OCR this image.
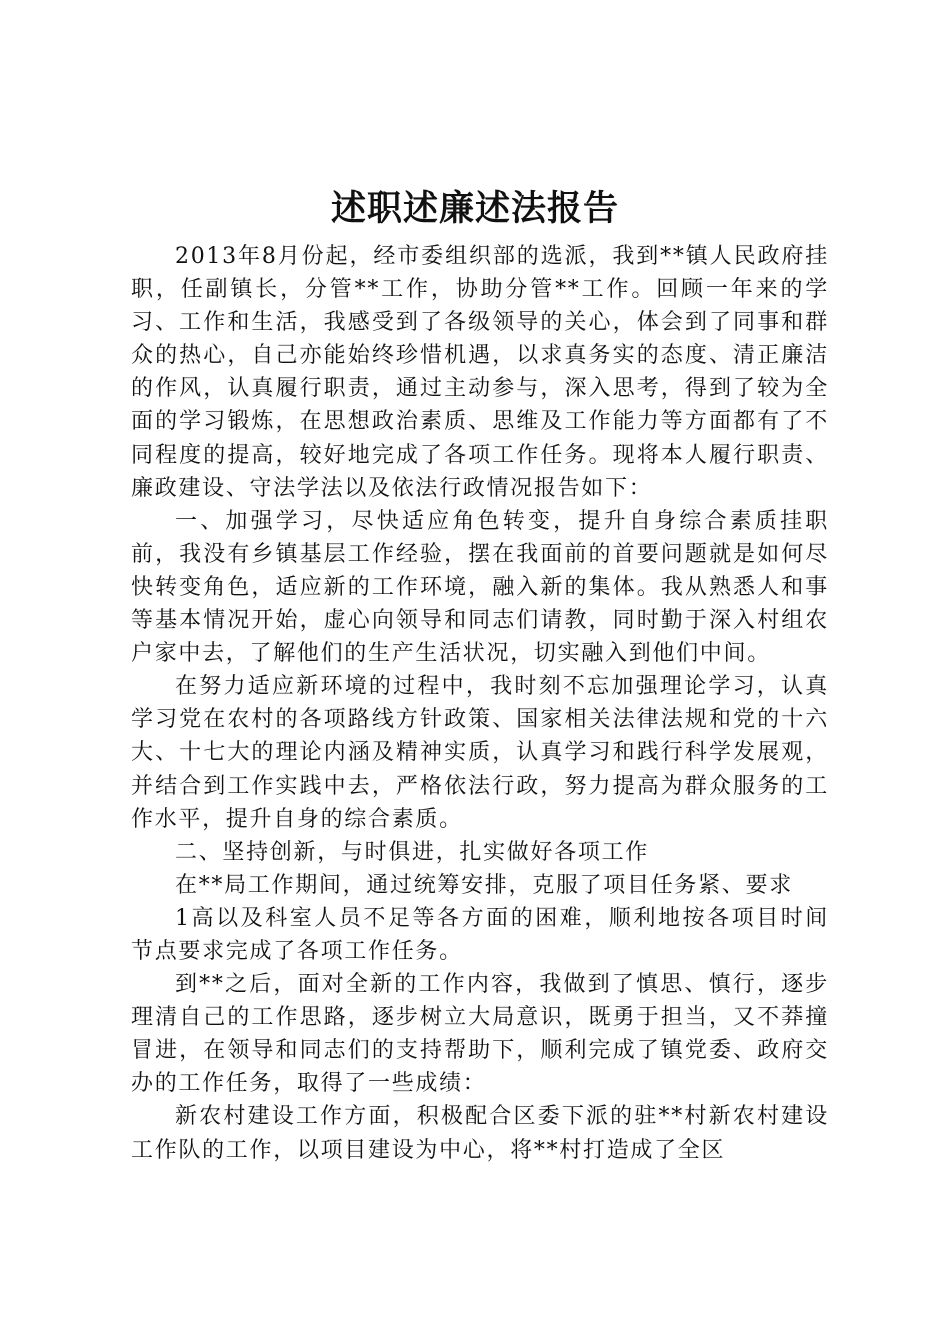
述职述廉述法报告

2013年8月份起，经市委组织部的选派，我到**镇人民政府挂职，任副镇长，分管**工作，协助分管**工作。回顾一年来的学习、工作和生活，我感受到了各级领导的关心，体会到了同事和群众的热心，自己亦能始终珍惜机遇，以求真务实的态度、清正廉洁的作风，认真履行职责，通过主动参与，深入思考，得到了较为全面的学习锻炼，在思想政治素质、思维及工作能力等方面都有了不同程度的提高，较好地完成了各项工作任务。现将本人履行职责、廉政建设、守法学法以及依法行政情况报告如下：

一、加强学习，尽快适应角色转变，提升自身综合素质挂职前，我没有乡镇基层工作经验，摆在我面前的首要问题就是如何尽快转变角色，适应新的工作环境，融入新的集体。我从熟悉人和事等基本情况开始，虚心向领导和同志们请教，同时勤于深入村组农户家中去，了解他们的生产生活状况，切实融入到他们中间。

在努力适应新环境的过程中，我时刻不忘加强理论学习，认真学习党在农村的各项路线方针政策、国家相关法律法规和党的十六大、十七大的理论内涵及精神实质，认真学习和践行科学发展观，并结合到工作实践中去，严格依法行政，努力提高为群众服务的工作水平，提升自身的综合素质。

二、坚持创新，与时俱进，扎实做好各项工作

在**局工作期间，通过统筹安排，克服了项目任务紧、要求

1高以及科室人员不足等各方面的困难，顺利地按各项目时间节点要求完成了各项工作任务。

到**之后，面对全新的工作内容，我做到了慎思、慎行，逐步理清自己的工作思路，逐步树立大局意识，既勇于担当，又不莽撞冒进，在领导和同志们的支持帮助下，顺利完成了镇党委、政府交办的工作任务，取得了一些成绩：

新农村建设工作方面，积极配合区委下派的驻**村新农村建设工作队的工作，以项目建设为中心，将**村打造成了全区
